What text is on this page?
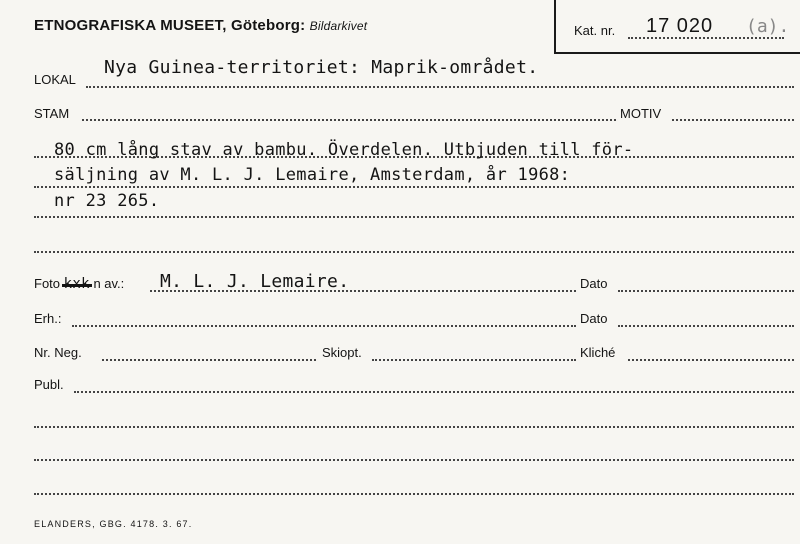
ETNOGRAFISKA MUSEET, Göteborg: Bildarkivet	Kat. nr. 17 020 (a).
LOKAL
Nya Guinea-territoriet: Maprik-området.
STAM	MOTIV
80 cm lång stav av bambu. Överdelen. Utbjuden till för-
säljning av M. L. J. Lemaire, Amsterdam, år 1968:
nr 23 265.
Foto kxk n av.: M. L. J. Lemaire.	Dato
Erh.:	Dato
Nr. Neg.	Skiopt.	Kliché
Publ.
ELANDERS, GBG. 4178. 3. 67.
